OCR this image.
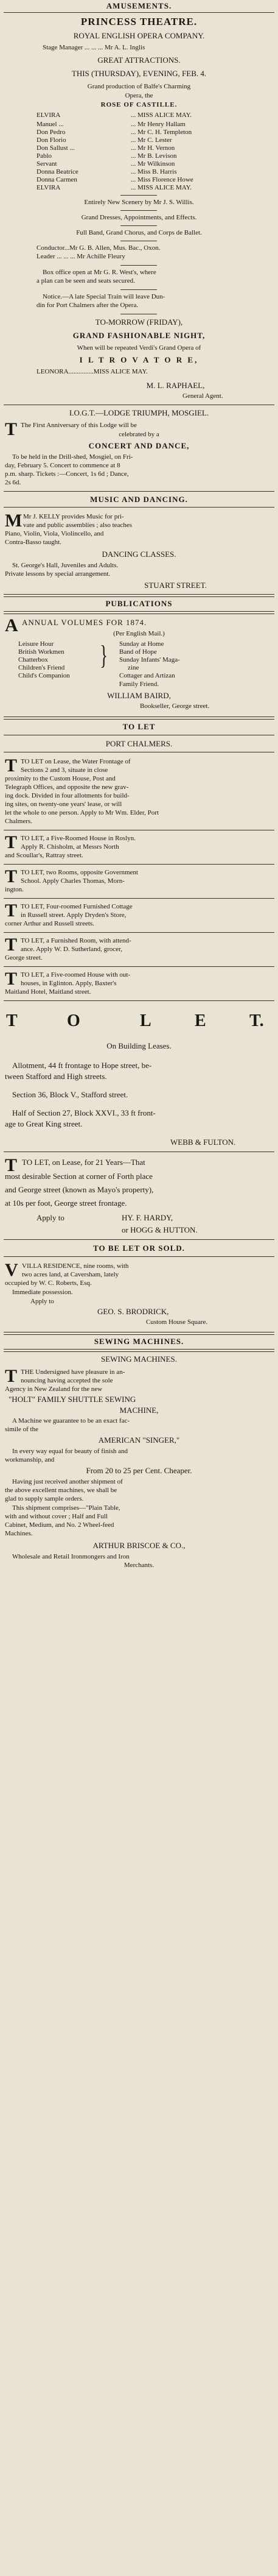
AMUSEMENTS.
PRINCESS THEATRE.
ROYAL ENGLISH OPERA COMPANY.
Stage Manager ... ... ... Mr A. L. Inglis
GREAT ATTRACTIONS.
THIS (THURSDAY), EVENING, FEB. 4.
Grand production of Balfe's Charming
Opera, the
ROSE OF CASTILLE.
ELVIRA	... MISS ALICE MAY.
Manuel ...	... Mr Henry Hallam
Don Pedro	... Mr C. H. Templeton
Don Florio	... Mr C. Lester
Don Sallust ...	... Mr H. Vernon
Pablo	... Mr B. Levison
Servant	... Mr Wilkinson
Donna Beatrice	... Miss B. Harris
Donna Carmen	... Miss Florence Howe
ELVIRA	... MISS ALICE MAY.
Entirely New Scenery by Mr J. S. Willis.
Grand Dresses, Appointments, and Effects.
Full Band, Grand Chorus, and Corps de Ballet.
Conductor...Mr G. B. Allen, Mus. Bac., Oxon.
Leader ... ... ... Mr Achille Fleury
Box office open at Mr G. R. West's, where
a plan can be seen and seats secured.
Notice.—A late Special Train will leave Dun-
din for Port Chalmers after the Opera.
TO-MORROW (FRIDAY),
GRAND FASHIONABLE NIGHT,
When will be repeated Verdi's Grand Opera of
I L T R O V A T O R E,
LEONORA...............MISS ALICE MAY.
M. L. RAPHAEL,
General Agent.
I.O.G.T.—LODGE TRIUMPH, MOSGIEL.
T The First Anniversary of this Lodge will be
celebrated by a
CONCERT AND DANCE,
To be held in the Drill-shed, Mosgiel, on Fri-
day, February 5. Concert to commence at 8
p.m. sharp. Tickets :—Concert, 1s 6d ; Dance,
2s 6d.
MUSIC AND DANCING.
M Mr J. KELLY provides Music for pri-
vate and public assemblies ; also teaches
Piano, Violin, Viola, Violincello, and
Contra-Basso taught.
DANCING CLASSES.
St. George's Hall, Juveniles and Adults.
Private lessons by special arrangement.
STUART STREET.
PUBLICATIONS
A ANNUAL VOLUMES FOR 1874.
(Per English Mail.)
Leisure Hour
British Workmen
Chatterbox
Children's Friend
Child's Companion
} Sunday at Home
Band of Hope
Sunday Infants' Maga-
zine
Cottager and Artizan
Family Friend.
WILLIAM BAIRD,
Bookseller, George street.
TO LET
PORT CHALMERS.
T TO LET on Lease, the Water Frontage of
Sections 2 and 3, situate in close
proximity to the Custom House, Post and
Telegraph Offices, and opposite the new grav-
ing dock. Divided in four allotments for build-
ing sites, on twenty-one years' lease, or will
let the whole to one person. Apply to Mr Wm. Elder, Port
Chalmers.
T TO LET, a Five-Roomed House in Roslyn.
Apply R. Chisholm, at Messrs North
and Scoullar's, Rattray street.
T TO LET, two Rooms, opposite Government
School. Apply Charles Thomas, Morn-
ington.
T TO LET, Four-roomed Furnished Cottage
in Russell street. Apply Dryden's Store,
corner Arthur and Russell streets.
T TO LET, a Furnished Room, with attend-
ance. Apply W. D. Sutherland, grocer,
George street.
T TO LET, a Five-roomed House with out-
houses, in Eglinton. Apply, Baxter's
Maitland Hotel, Maitland street.
T	O	L	E	T.
On Building Leases.
Allotment, 44 ft frontage to Hope street, be-
tween Stafford and High streets.
Section 36, Block V., Stafford street.
Half of Section 27, Block XXVI., 33 ft front-
age to Great King street.
WEBB & FULTON.
T TO LET, on Lease, for 21 Years—That
most desirable Section at corner of Forth place
and George street (known as Mayo's property),
at 10s per foot, George street frontage.
Apply to	HY. F. HARDY,
or HOGG & HUTTON.
TO BE LET OR SOLD.
V VILLA RESIDENCE, nine rooms, with
two acres land, at Caversham, lately
occupied by W. C. Roberts, Esq.
Immediate possession.
Apply to
GEO. S. BRODRICK,
Custom House Square.
SEWING MACHINES.
SEWING MACHINES.
T THE Undersigned have pleasure in an-
nouncing having accepted the sole
Agency in New Zealand for the new
"HOLT" FAMILY SHUTTLE SEWING
MACHINE,
A Machine we guarantee to be an exact fac-
simile of the
AMERICAN "SINGER,"
In every way equal for beauty of finish and
workmanship, and
From 20 to 25 per Cent. Cheaper.
Having just received another shipment of
the above excellent machines, we shall be
glad to supply sample orders.
This shipment comprises—"Plain Table,
with and without cover ; Half and Full
Cabinet, Medium, and No. 2 Wheel-feed
Machines.
ARTHUR BRISCOE & CO.,
Wholesale and Retail Ironmongers and Iron
Merchants.
